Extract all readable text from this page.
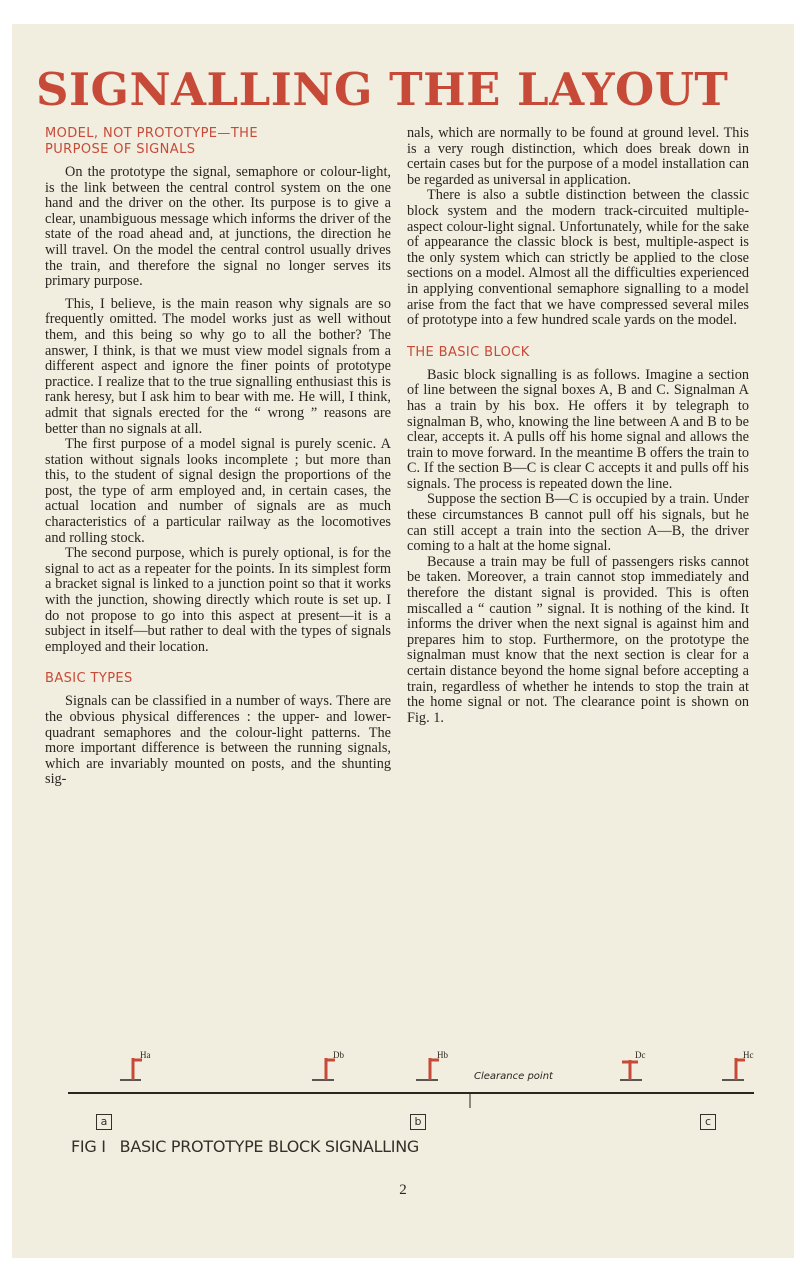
SIGNALLING THE LAYOUT
MODEL, NOT PROTOTYPE—THE
PURPOSE OF SIGNALS

On the prototype the signal, semaphore or colour-light, is the link between the central control system on the one hand and the driver on the other. Its purpose is to give a clear, unambiguous message which informs the driver of the state of the road ahead and, at junctions, the direction he will travel. On the model the central control usually drives the train, and therefore the signal no longer serves its primary purpose.

This, I believe, is the main reason why signals are so frequently omitted. The model works just as well without them, and this being so why go to all the bother? The answer, I think, is that we must view model signals from a different aspect and ignore the finer points of prototype practice. I realize that to the true signalling enthusiast this is rank heresy, but I ask him to bear with me. He will, I think, admit that signals erected for the “ wrong ” reasons are better than no signals at all.

The first purpose of a model signal is purely scenic. A station without signals looks incomplete ; but more than this, to the student of signal design the proportions of the post, the type of arm employed and, in certain cases, the actual location and number of signals are as much characteristics of a particular railway as the locomotives and rolling stock.

The second purpose, which is purely optional, is for the signal to act as a repeater for the points. In its simplest form a bracket signal is linked to a junction point so that it works with the junction, showing directly which route is set up. I do not propose to go into this aspect at present—it is a subject in itself—but rather to deal with the types of signals employed and their location.

BASIC TYPES

Signals can be classified in a number of ways. There are the obvious physical differences : the upper- and lower-quadrant semaphores and the colour-light patterns. The more important difference is between the running signals, which are invariably mounted on posts, and the shunting sig-

nals, which are normally to be found at ground level. This is a very rough distinction, which does break down in certain cases but for the purpose of a model installation can be regarded as universal in application.

There is also a subtle distinction between the classic block system and the modern track-circuited multiple-aspect colour-light signal. Unfortunately, while for the sake of appearance the classic block is best, multiple-aspect is the only system which can strictly be applied to the close sections on a model. Almost all the difficulties experienced in applying conventional semaphore signalling to a model arise from the fact that we have compressed several miles of prototype into a few hundred scale yards on the model.

THE BASIC BLOCK

Basic block signalling is as follows. Imagine a section of line between the signal boxes A, B and C. Signalman A has a train by his box. He offers it by telegraph to signalman B, who, knowing the line between A and B to be clear, accepts it. A pulls off his home signal and allows the train to move forward. In the meantime B offers the train to C. If the section B—C is clear C accepts it and pulls off his signals. The process is repeated down the line.

Suppose the section B—C is occupied by a train. Under these circumstances B cannot pull off his signals, but he can still accept a train into the section A—B, the driver coming to a halt at the home signal.

Because a train may be full of passengers risks cannot be taken. Moreover, a train cannot stop immediately and therefore the distant signal is provided. This is often miscalled a “ caution ” signal. It is nothing of the kind. It informs the driver when the next signal is against him and prepares him to stop. Furthermore, on the prototype the signalman must know that the next section is clear for a certain distance beyond the home signal before accepting a train, regardless of whether he intends to stop the train at the home signal or not. The clearance point is shown on Fig. 1.

Ha	Db	Hb	Dc	Hc
Clearance point
a	b	c
FIG I BASIC PROTOTYPE BLOCK SIGNALLING
2
